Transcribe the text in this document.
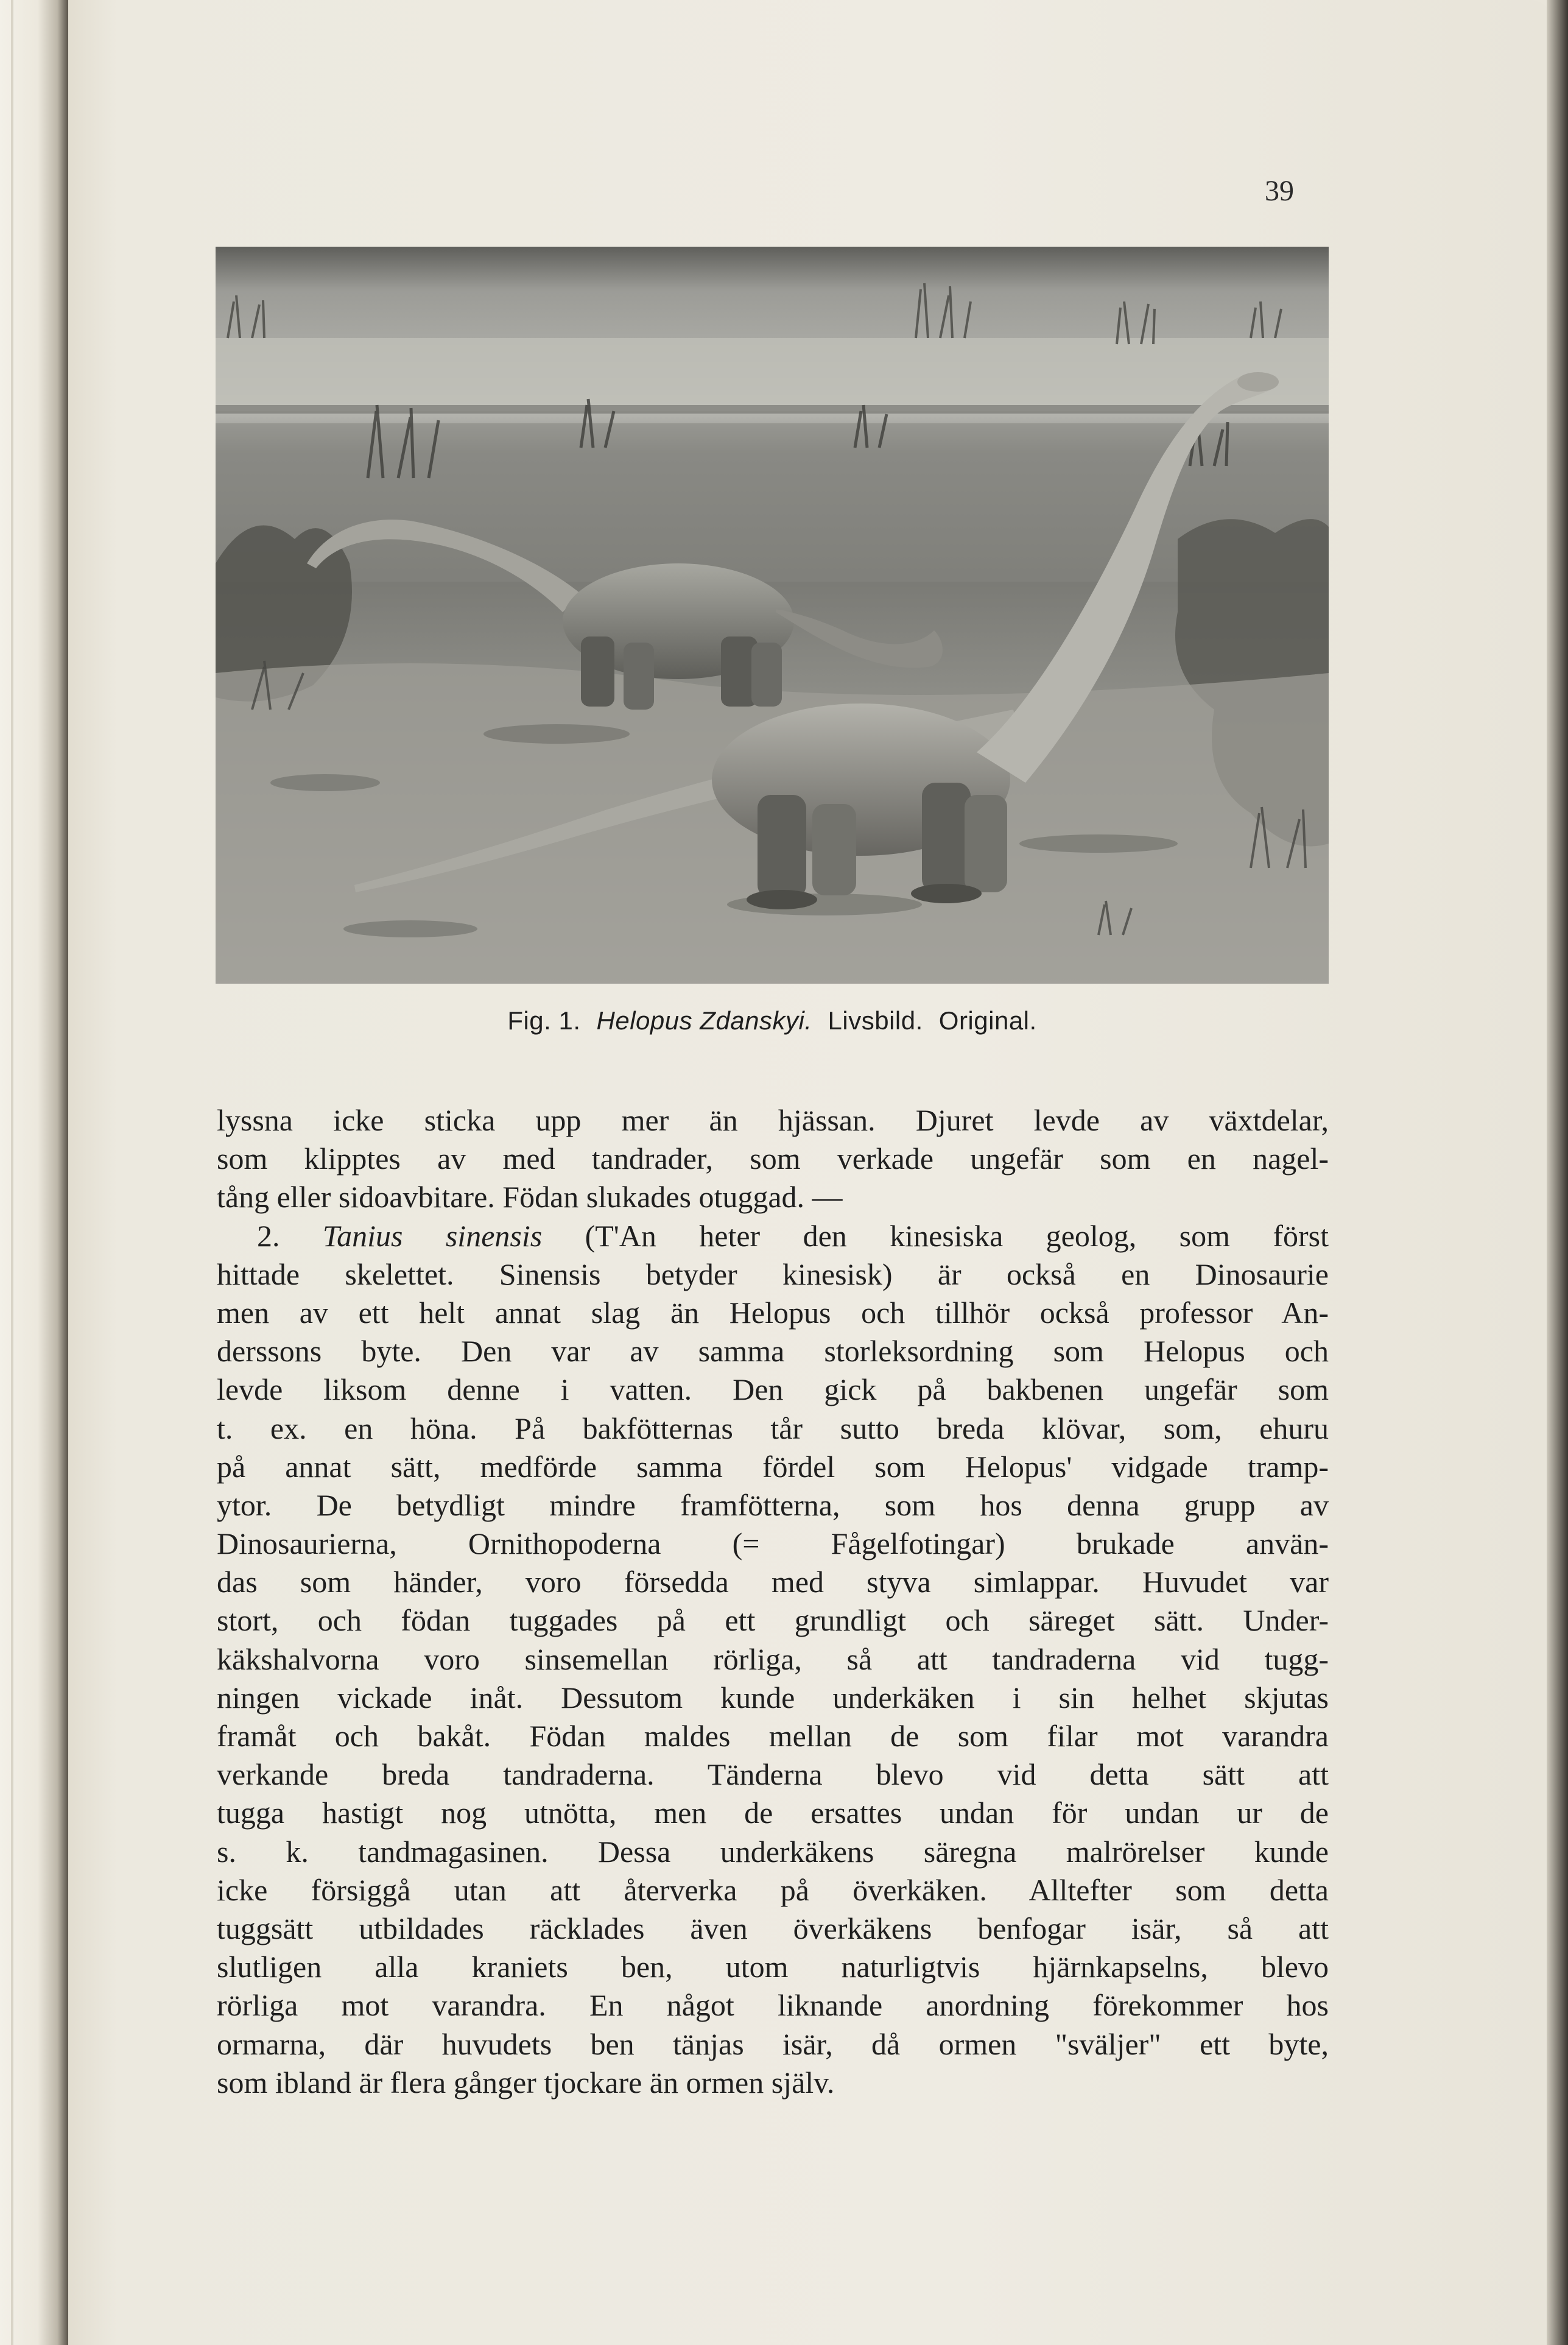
39
Fig. 1. Helopus Zdanskyi. Livsbild. Original.
lyssna icke sticka upp mer än hjässan. Djuret levde av växtdelar,
som klipptes av med tandrader, som verkade ungefär som en nagel-
tång eller sidoavbitare. Födan slukades otuggad. —
2. Tanius sinensis (T'An heter den kinesiska geolog, som först
hittade skelettet. Sinensis betyder kinesisk) är också en Dinosaurie
men av ett helt annat slag än Helopus och tillhör också professor An-
derssons byte. Den var av samma storleksordning som Helopus och
levde liksom denne i vatten. Den gick på bakbenen ungefär som
t. ex. en höna. På bakfötternas tår sutto breda klövar, som, ehuru
på annat sätt, medförde samma fördel som Helopus' vidgade tramp-
ytor. De betydligt mindre framfötterna, som hos denna grupp av
Dinosaurierna, Ornithopoderna (= Fågelfotingar) brukade använ-
das som händer, voro försedda med styva simlappar. Huvudet var
stort, och födan tuggades på ett grundligt och säreget sätt. Under-
käkshalvorna voro sinsemellan rörliga, så att tandraderna vid tugg-
ningen vickade inåt. Dessutom kunde underkäken i sin helhet skjutas
framåt och bakåt. Födan maldes mellan de som filar mot varandra
verkande breda tandraderna. Tänderna blevo vid detta sätt att
tugga hastigt nog utnötta, men de ersattes undan för undan ur de
s. k. tandmagasinen. Dessa underkäkens säregna malrörelser kunde
icke försiggå utan att återverka på överkäken. Alltefter som detta
tuggsätt utbildades räcklades även överkäkens benfogar isär, så att
slutligen alla kraniets ben, utom naturligtvis hjärnkapselns, blevo
rörliga mot varandra. En något liknande anordning förekommer hos
ormarna, där huvudets ben tänjas isär, då ormen "sväljer" ett byte,
som ibland är flera gånger tjockare än ormen själv.
